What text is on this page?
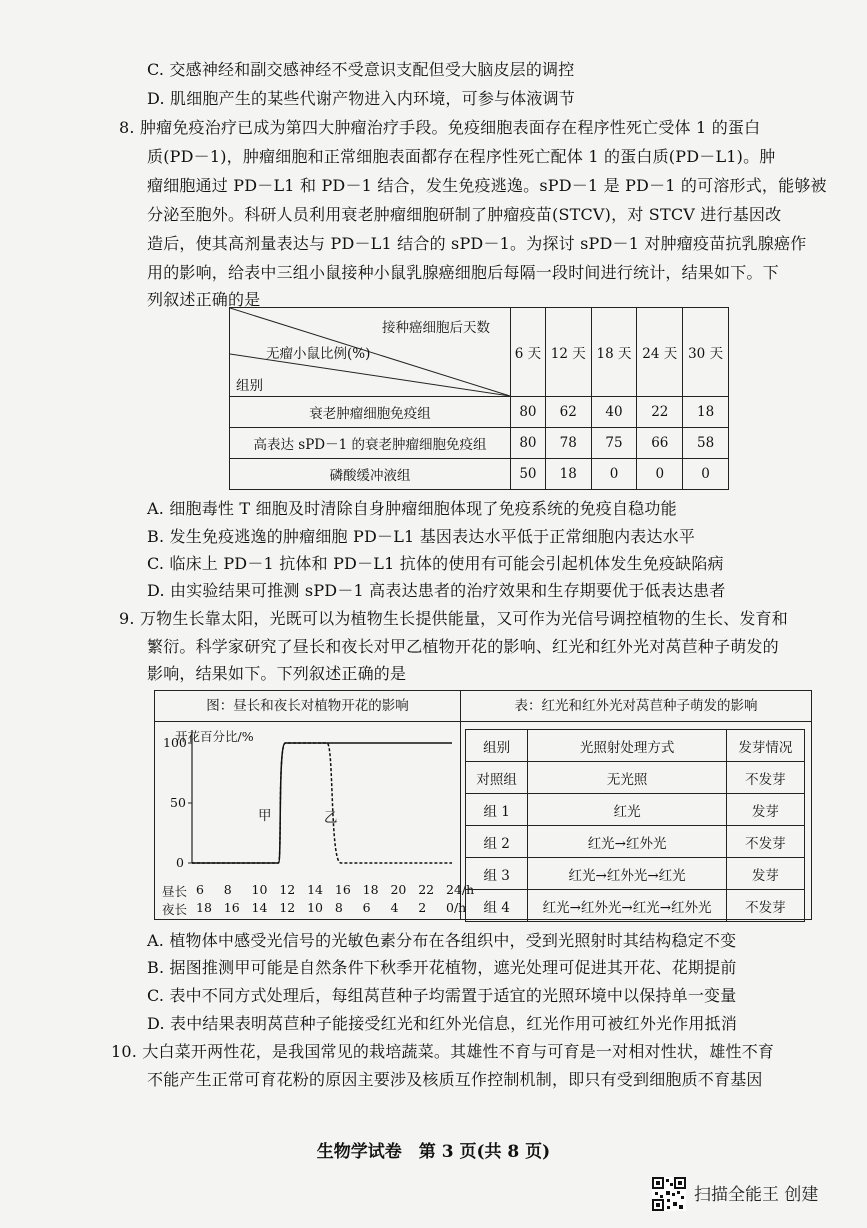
C. 交感神经和副交感神经不受意识支配但受大脑皮层的调控
D. 肌细胞产生的某些代谢产物进入内环境，可参与体液调节
8. 肿瘤免疫治疗已成为第四大肿瘤治疗手段。免疫细胞表面存在程序性死亡受体 1 的蛋白
质(PD－1)，肿瘤细胞和正常细胞表面都存在程序性死亡配体 1 的蛋白质(PD－L1)。肿
瘤细胞通过 PD－L1 和 PD－1 结合，发生免疫逃逸。sPD－1 是 PD－1 的可溶形式，能够被
分泌至胞外。科研人员利用衰老肿瘤细胞研制了肿瘤疫苗(STCV)，对 STCV 进行基因改
造后，使其高剂量表达与 PD－L1 结合的 sPD－1。为探讨 sPD－1 对肿瘤疫苗抗乳腺癌作
用的影响，给表中三组小鼠接种小鼠乳腺癌细胞后每隔一段时间进行统计，结果如下。下
列叙述正确的是
接种癌细胞后天数
无瘤小鼠比例(%)
组别	6 天	12 天	18 天	24 天	30 天
衰老肿瘤细胞免疫组	80	62	40	22	18
高表达 sPD－1 的衰老肿瘤细胞免疫组	80	78	75	66	58
磷酸缓冲液组	50	18	0	0	0
A. 细胞毒性 T 细胞及时清除自身肿瘤细胞体现了免疫系统的免疫自稳功能
B. 发生免疫逃逸的肿瘤细胞 PD－L1 基因表达水平低于正常细胞内表达水平
C. 临床上 PD－1 抗体和 PD－L1 抗体的使用有可能会引起机体发生免疫缺陷病
D. 由实验结果可推测 sPD－1 高表达患者的治疗效果和生存期要优于低表达患者
9. 万物生长靠太阳，光既可以为植物生长提供能量，又可作为光信号调控植物的生长、发育和
繁衍。科学家研究了昼长和夜长对甲乙植物开花的影响、红光和红外光对莴苣种子萌发的
影响，结果如下。下列叙述正确的是
图：昼长和夜长对植物开花的影响	表：红光和红外光对莴苣种子萌发的影响
开花百分比/%
100
50
0
甲	乙
昼长
夜长
6 8 10 12 14 16 18 20 22 24/h
18 16 14 12 10 8 6 4 2 0/h
组别	光照射处理方式	发芽情况
对照组	无光照	不发芽
组 1	红光	发芽
组 2	红光→红外光	不发芽
组 3	红光→红外光→红光	发芽
组 4	红光→红外光→红光→红外光	不发芽
A. 植物体中感受光信号的光敏色素分布在各组织中，受到光照射时其结构稳定不变
B. 据图推测甲可能是自然条件下秋季开花植物，遮光处理可促进其开花、花期提前
C. 表中不同方式处理后，每组莴苣种子均需置于适宜的光照环境中以保持单一变量
D. 表中结果表明莴苣种子能接受红光和红外光信息，红光作用可被红外光作用抵消
10. 大白菜开两性花，是我国常见的栽培蔬菜。其雄性不育与可育是一对相对性状，雄性不育
不能产生正常可育花粉的原因主要涉及核质互作控制机制，即只有受到细胞质不育基因
生物学试卷　第 3 页(共 8 页)
扫描全能王 创建
